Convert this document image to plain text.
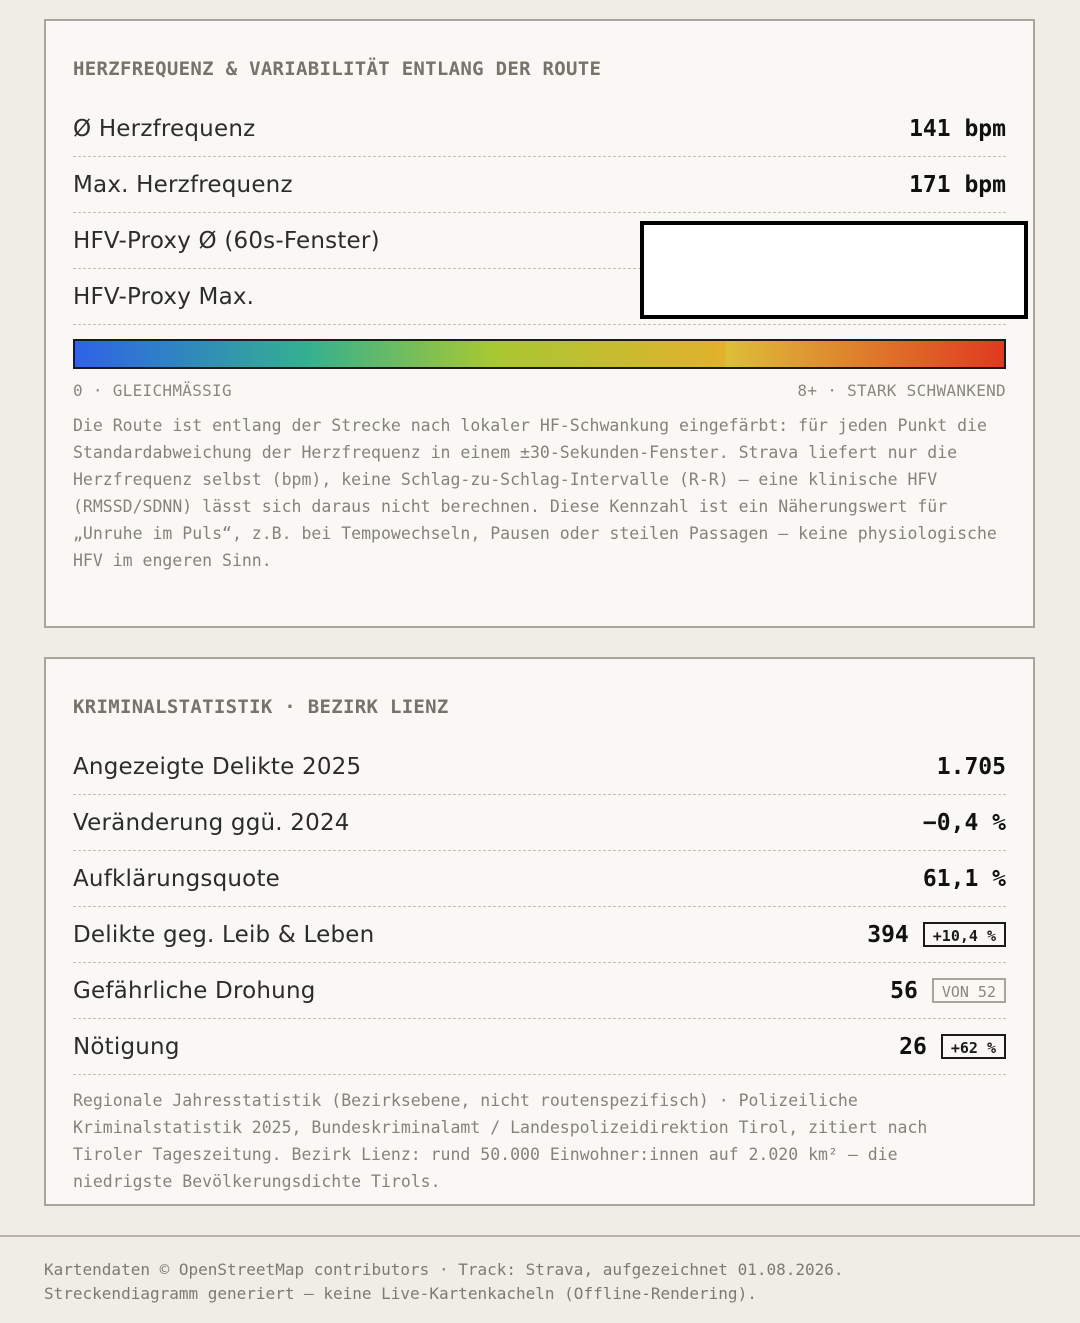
HERZFREQUENZ & VARIABILITÄT ENTLANG DER ROUTE
Ø Herzfrequenz	141 bpm
Max. Herzfrequenz	171 bpm
HFV-Proxy Ø (60s-Fenster)
HFV-Proxy Max.
0 · GLEICHMÄSSIG	8+ · STARK SCHWANKEND

Die Route ist entlang der Strecke nach lokaler HF-Schwankung eingefärbt: für jeden Punkt die Standardabweichung der Herzfrequenz in einem ±30-Sekunden-Fenster. Strava liefert nur die Herzfrequenz selbst (bpm), keine Schlag-zu-Schlag-Intervalle (R-R) — eine klinische HFV (RMSSD/SDNN) lässt sich daraus nicht berechnen. Diese Kennzahl ist ein Näherungswert für „Unruhe im Puls“, z.B. bei Tempowechseln, Pausen oder steilen Passagen — keine physiologische HFV im engeren Sinn.

KRIMINALSTATISTIK · BEZIRK LIENZ
Angezeigte Delikte 2025	1.705
Veränderung ggü. 2024	−0,4 %
Aufklärungsquote	61,1 %
Delikte geg. Leib & Leben	394	+10,4 %
Gefährliche Drohung	56	VON 52
Nötigung	26	+62 %

Regionale Jahresstatistik (Bezirksebene, nicht routenspezifisch) · Polizeiliche Kriminalstatistik 2025, Bundeskriminalamt / Landespolizeidirektion Tirol, zitiert nach Tiroler Tageszeitung. Bezirk Lienz: rund 50.000 Einwohner:innen auf 2.020 km² — die niedrigste Bevölkerungsdichte Tirols.

Kartendaten © OpenStreetMap contributors · Track: Strava, aufgezeichnet 01.08.2026.
Streckendiagramm generiert — keine Live-Kartenkacheln (Offline-Rendering).
